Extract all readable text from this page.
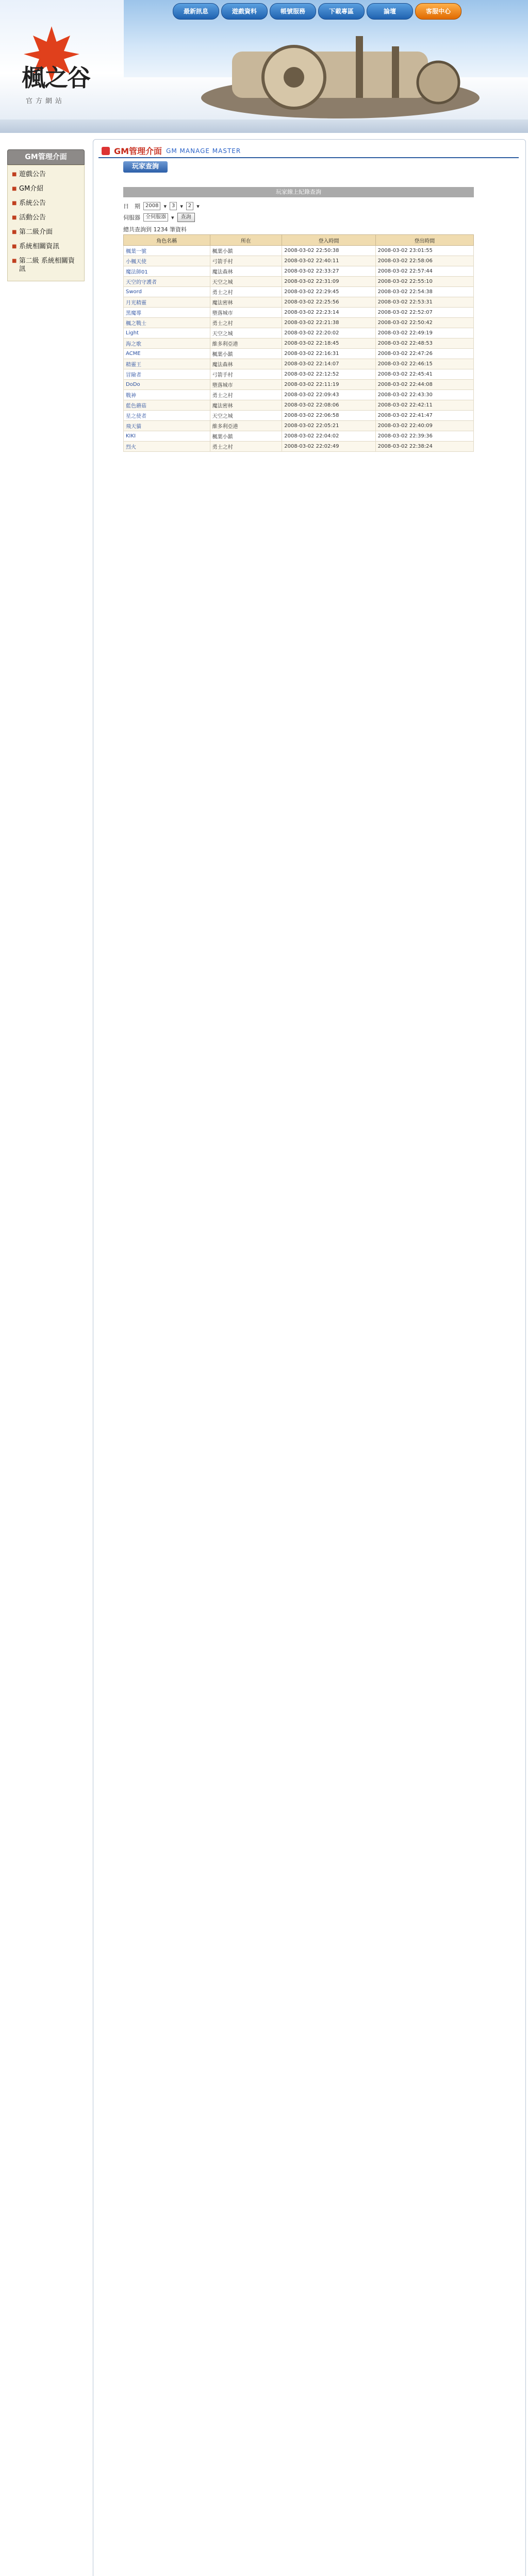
楓之谷
官方網站
最新訊息	遊戲資料	帳號服務	下載專區	論壇	客服中心
GM管理介面
■ 遊戲公告
■ GM介紹
■ 系統公告
■ 活動公告
■ 第二級介面
■ 系統相關資訊
■ 第二級 系統相關資訊
GM管理介面 GM MANAGE MASTER
玩家查詢
玩家線上紀錄查詢
日　期	2008 ▾	3 ▾	2 ▾
伺服器	全伺服器 ▾	查詢
總共查詢到 1234 筆資料
角色名稱	所在	登入時間	登出時間
楓葉一號	楓葉小鎮	2008-03-02 22:50:38	2008-03-02 23:01:55
小楓天使	弓箭手村	2008-03-02 22:40:11	2008-03-02 22:58:06
魔法師01	魔法森林	2008-03-02 22:33:27	2008-03-02 22:57:44
天空的守護者	天空之城	2008-03-02 22:31:09	2008-03-02 22:55:10
Sword	勇士之村	2008-03-02 22:29:45	2008-03-02 22:54:38
月光精靈	魔法密林	2008-03-02 22:25:56	2008-03-02 22:53:31
黑魔導	墮落城市	2008-03-02 22:23:14	2008-03-02 22:52:07
楓之戰士	勇士之村	2008-03-02 22:21:38	2008-03-02 22:50:42
Light	天空之城	2008-03-02 22:20:02	2008-03-02 22:49:19
海之歌	維多利亞港	2008-03-02 22:18:45	2008-03-02 22:48:53
ACME	楓葉小鎮	2008-03-02 22:16:31	2008-03-02 22:47:26
精靈王	魔法森林	2008-03-02 22:14:07	2008-03-02 22:46:15
冒險者	弓箭手村	2008-03-02 22:12:52	2008-03-02 22:45:41
DoDo	墮落城市	2008-03-02 22:11:19	2008-03-02 22:44:08
戰神	勇士之村	2008-03-02 22:09:43	2008-03-02 22:43:30
藍色蘑菇	魔法密林	2008-03-02 22:08:06	2008-03-02 22:42:11
星之使者	天空之城	2008-03-02 22:06:58	2008-03-02 22:41:47
飛天貓	維多利亞港	2008-03-02 22:05:21	2008-03-02 22:40:09
KIKI	楓葉小鎮	2008-03-02 22:04:02	2008-03-02 22:39:36
烈火	勇士之村	2008-03-02 22:02:49	2008-03-02 22:38:24
